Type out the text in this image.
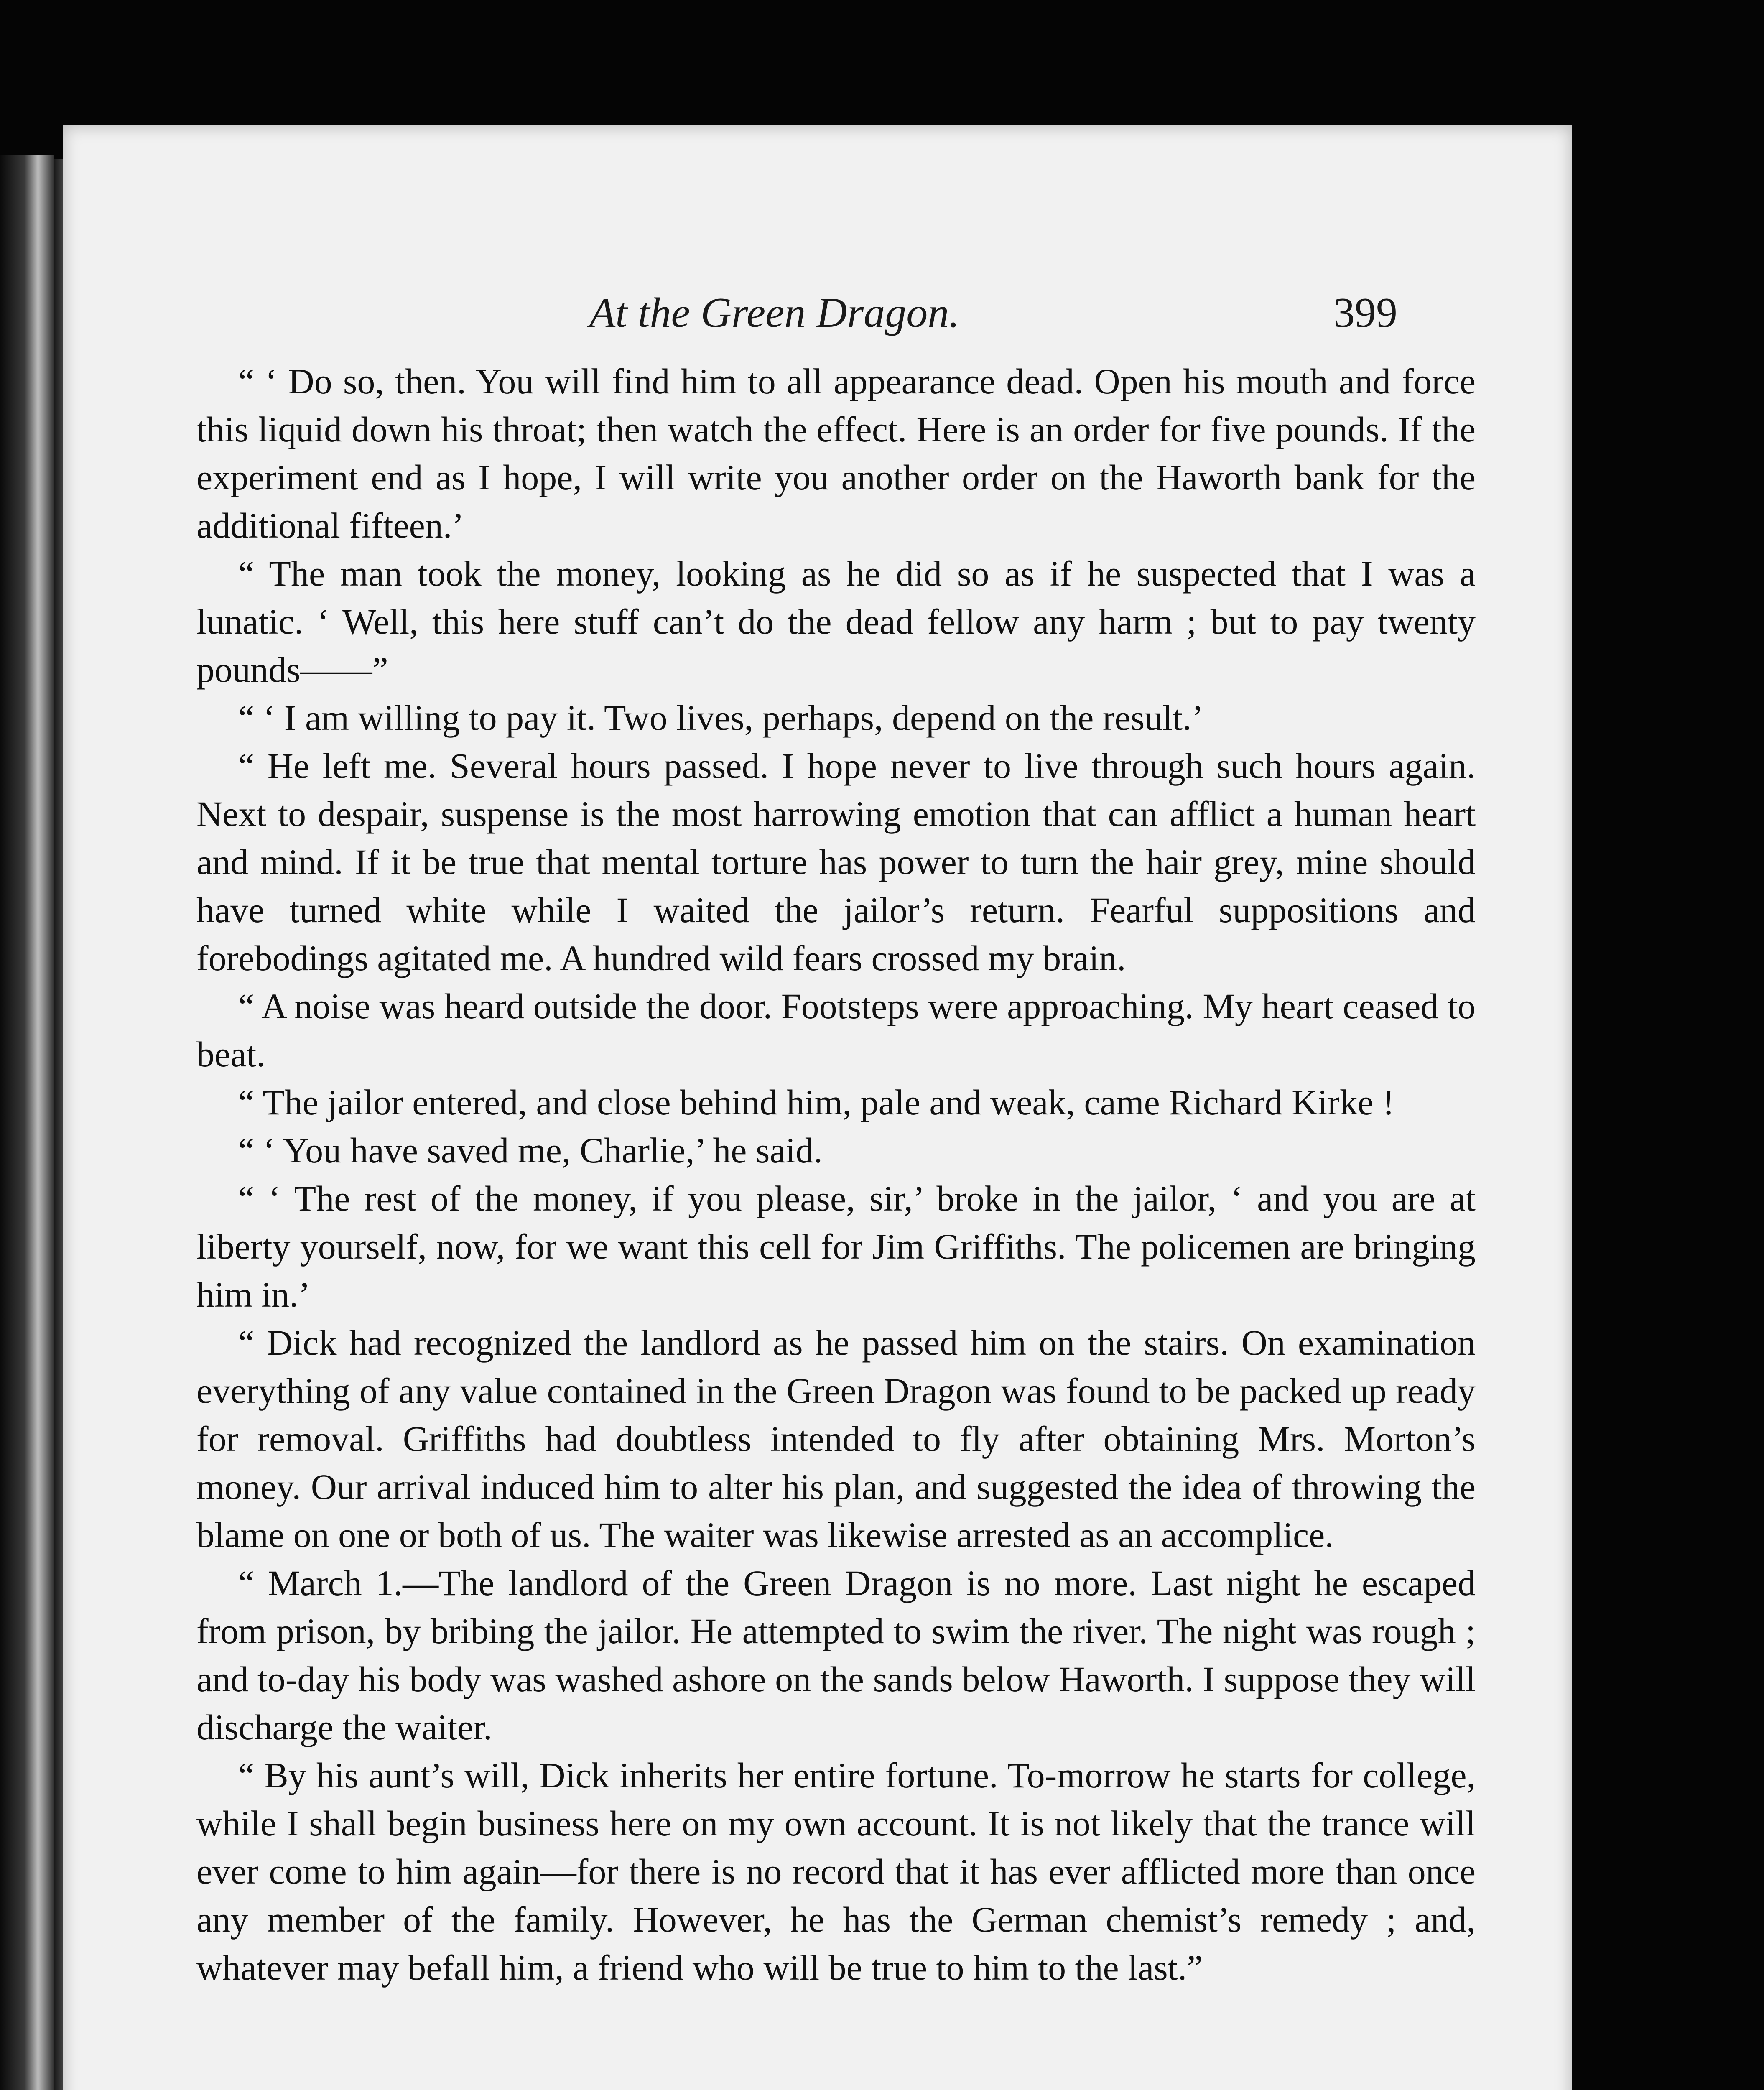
At the Green Dragon.	399

“ ‘ Do so, then. You will find him to all appearance dead. Open his mouth and force this liquid down his throat; then watch the effect. Here is an order for five pounds. If the experiment end as I hope, I will write you another order on the Haworth bank for the additional fifteen.’

“ The man took the money, looking as he did so as if he suspected that I was a lunatic. ‘ Well, this here stuff can’t do the dead fellow any harm ; but to pay twenty pounds——”

“ ‘ I am willing to pay it. Two lives, perhaps, depend on the result.’

“ He left me. Several hours passed. I hope never to live through such hours again. Next to despair, suspense is the most harrowing emotion that can afflict a human heart and mind. If it be true that mental torture has power to turn the hair grey, mine should have turned white while I waited the jailor’s return. Fearful suppositions and forebodings agitated me. A hundred wild fears crossed my brain.

“ A noise was heard outside the door. Footsteps were approaching. My heart ceased to beat.

“ The jailor entered, and close behind him, pale and weak, came Richard Kirke !

“ ‘ You have saved me, Charlie,’ he said.

“ ‘ The rest of the money, if you please, sir,’ broke in the jailor, ‘ and you are at liberty yourself, now, for we want this cell for Jim Griffiths. The policemen are bringing him in.’

“ Dick had recognized the landlord as he passed him on the stairs. On examination everything of any value contained in the Green Dragon was found to be packed up ready for removal. Griffiths had doubtless intended to fly after obtaining Mrs. Morton’s money. Our arrival induced him to alter his plan, and suggested the idea of throwing the blame on one or both of us. The waiter was likewise arrested as an accomplice.

“ March 1.—The landlord of the Green Dragon is no more. Last night he escaped from prison, by bribing the jailor. He attempted to swim the river. The night was rough ; and to-day his body was washed ashore on the sands below Haworth. I suppose they will discharge the waiter.

“ By his aunt’s will, Dick inherits her entire fortune. To-morrow he starts for college, while I shall begin business here on my own account. It is not likely that the trance will ever come to him again—for there is no record that it has ever afflicted more than once any member of the family. However, he has the German chemist’s remedy ; and, whatever may befall him, a friend who will be true to him to the last.”
